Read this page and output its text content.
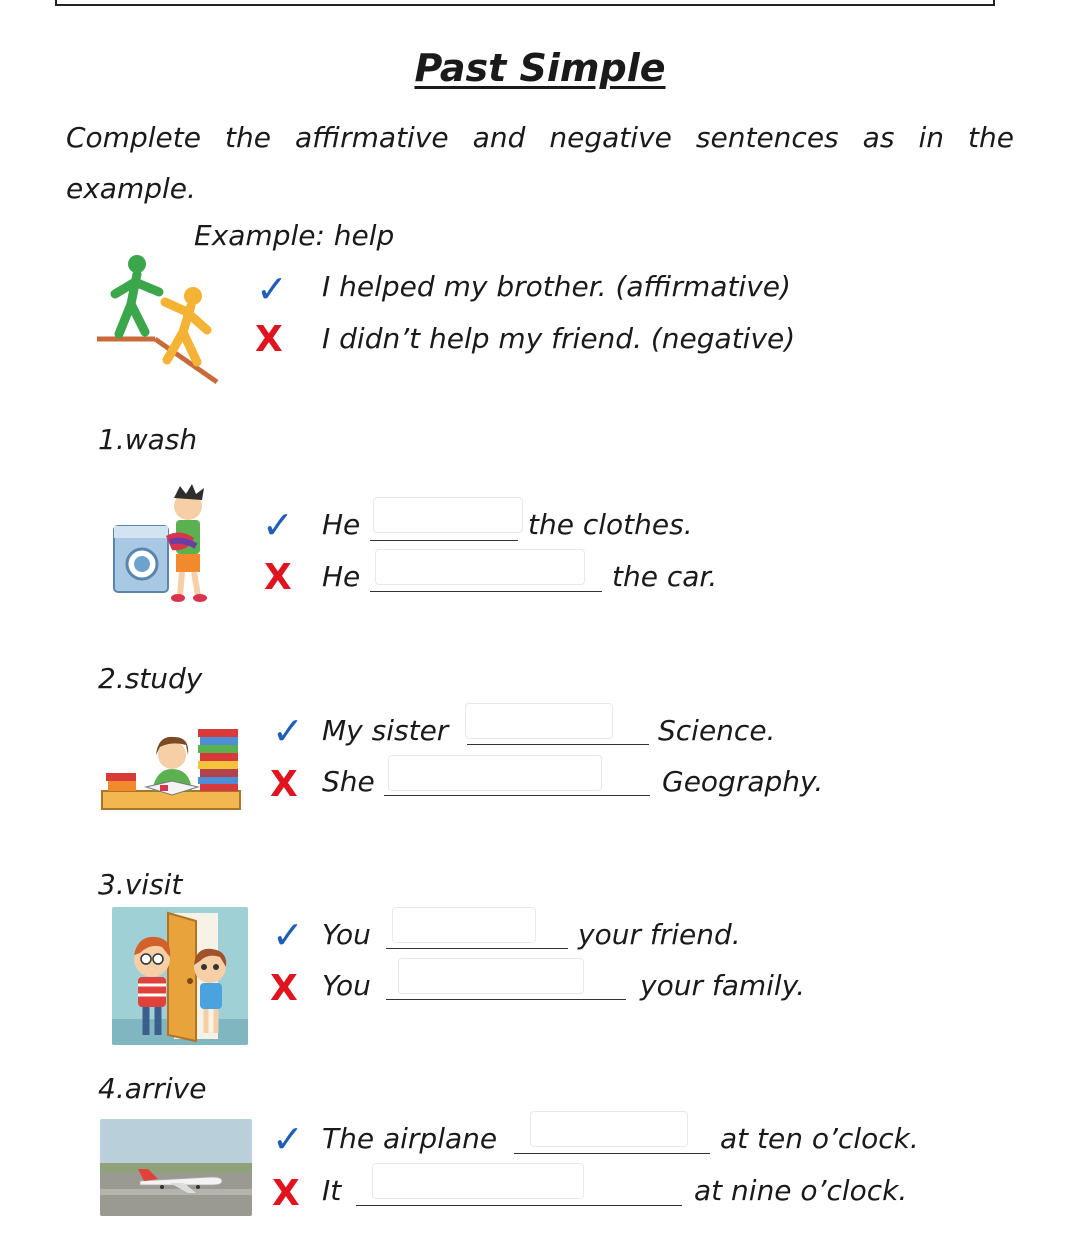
Past Simple
Complete the affirmative and negative sentences as in the example.
Example: help
✓ I helped my brother. (affirmative)
X I didn’t help my friend. (negative)
1.wash
✓ He	the clothes.
X He	the car.
2.study
✓ My sister	Science.
X She	Geography.
3.visit
✓ You	your friend.
X You	your family.
4.arrive
✓ The airplane	at ten o’clock.
X It	at nine o’clock.
